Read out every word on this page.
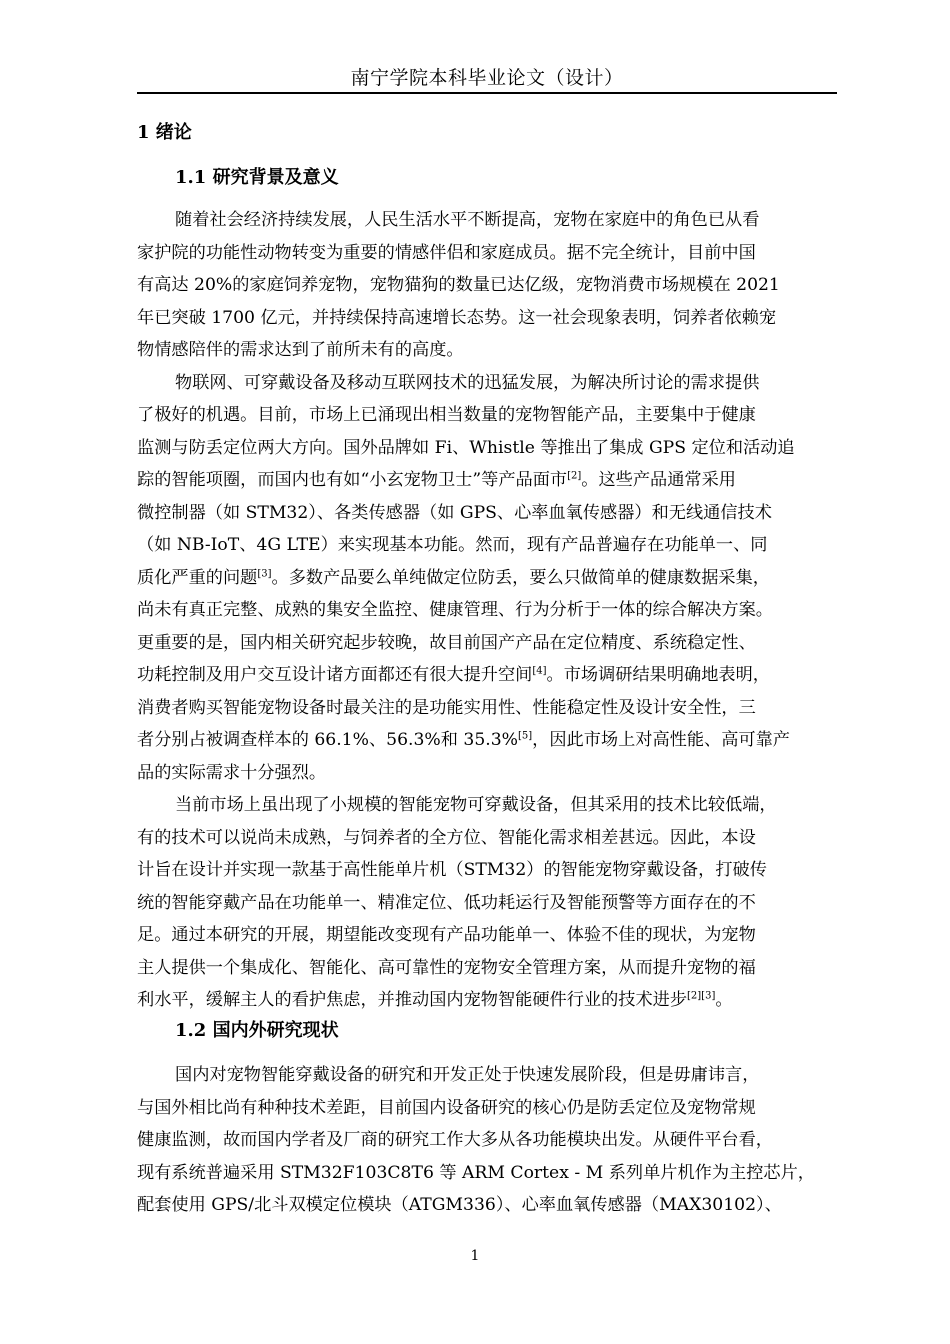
南宁学院本科毕业论文（设计）
1 绪论
1.1 研究背景及意义
随着社会经济持续发展，人民生活水平不断提高，宠物在家庭中的角色已从看
家护院的功能性动物转变为重要的情感伴侣和家庭成员。据不完全统计，目前中国
有高达 20%的家庭饲养宠物，宠物猫狗的数量已达亿级，宠物消费市场规模在 2021
年已突破 1700 亿元，并持续保持高速增长态势。这一社会现象表明，饲养者依赖宠
物情感陪伴的需求达到了前所未有的高度。
物联网、可穿戴设备及移动互联网技术的迅猛发展，为解决所讨论的需求提供
了极好的机遇。目前，市场上已涌现出相当数量的宠物智能产品，主要集中于健康
监测与防丢定位两大方向。国外品牌如 Fi、Whistle 等推出了集成 GPS 定位和活动追
踪的智能项圈，而国内也有如“小玄宠物卫士”等产品面市[2]。这些产品通常采用
微控制器（如 STM32）、各类传感器（如 GPS、心率血氧传感器）和无线通信技术
（如 NB-IoT、4G LTE）来实现基本功能。然而，现有产品普遍存在功能单一、同
质化严重的问题[3]。多数产品要么单纯做定位防丢，要么只做简单的健康数据采集，
尚未有真正完整、成熟的集安全监控、健康管理、行为分析于一体的综合解决方案。
更重要的是，国内相关研究起步较晚，故目前国产产品在定位精度、系统稳定性、
功耗控制及用户交互设计诸方面都还有很大提升空间[4]。市场调研结果明确地表明，
消费者购买智能宠物设备时最关注的是功能实用性、性能稳定性及设计安全性，三
者分别占被调查样本的 66.1%、56.3%和 35.3%[5]，因此市场上对高性能、高可靠产
品的实际需求十分强烈。
当前市场上虽出现了小规模的智能宠物可穿戴设备，但其采用的技术比较低端，
有的技术可以说尚未成熟，与饲养者的全方位、智能化需求相差甚远。因此，本设
计旨在设计并实现一款基于高性能单片机（STM32）的智能宠物穿戴设备，打破传
统的智能穿戴产品在功能单一、精准定位、低功耗运行及智能预警等方面存在的不
足。通过本研究的开展，期望能改变现有产品功能单一、体验不佳的现状，为宠物
主人提供一个集成化、智能化、高可靠性的宠物安全管理方案，从而提升宠物的福
利水平，缓解主人的看护焦虑，并推动国内宠物智能硬件行业的技术进步[2][3]。
1.2 国内外研究现状
国内对宠物智能穿戴设备的研究和开发正处于快速发展阶段，但是毋庸讳言，
与国外相比尚有种种技术差距，目前国内设备研究的核心仍是防丢定位及宠物常规
健康监测，故而国内学者及厂商的研究工作大多从各功能模块出发。从硬件平台看，
现有系统普遍采用 STM32F103C8T6 等 ARM Cortex - M 系列单片机作为主控芯片，
配套使用 GPS/北斗双模定位模块（ATGM336）、心率血氧传感器（MAX30102）、
1
